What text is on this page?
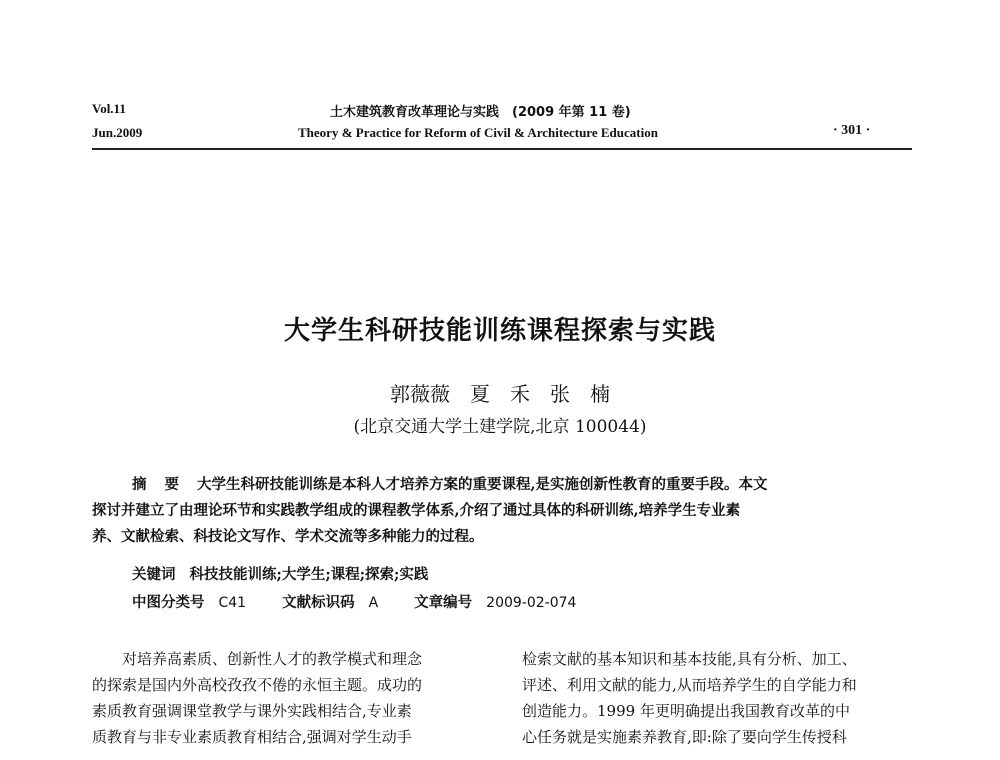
Vol.11
Jun.2009
土木建筑教育改革理论与实践　(2009 年第 11 卷)
Theory & Practice for Reform of Civil & Architecture Education	· 301 ·
大学生科研技能训练课程探索与实践
郭薇薇　夏　禾　张　楠
(北京交通大学土建学院,北京 100044)
摘 要 大学生科研技能训练是本科人才培养方案的重要课程,是实施创新性教育的重要手段。本文
探讨并建立了由理论环节和实践教学组成的课程教学体系,介绍了通过具体的科研训练,培养学生专业素
养、文献检索、科技论文写作、学术交流等多种能力的过程。
关键词 科技技能训练;大学生;课程;探索;实践
中图分类号 C41 文献标识码 A 文章编号 2009-02-074
　　对培养高素质、创新性人才的教学模式和理念
的探索是国内外高校孜孜不倦的永恒主题。成功的
素质教育强调课堂教学与课外实践相结合,专业素
质教育与非专业素质教育相结合,强调对学生动手
检索文献的基本知识和基本技能,具有分析、加工、
评述、利用文献的能力,从而培养学生的自学能力和
创造能力。1999 年更明确提出我国教育改革的中
心任务就是实施素养教育,即:除了要向学生传授科
